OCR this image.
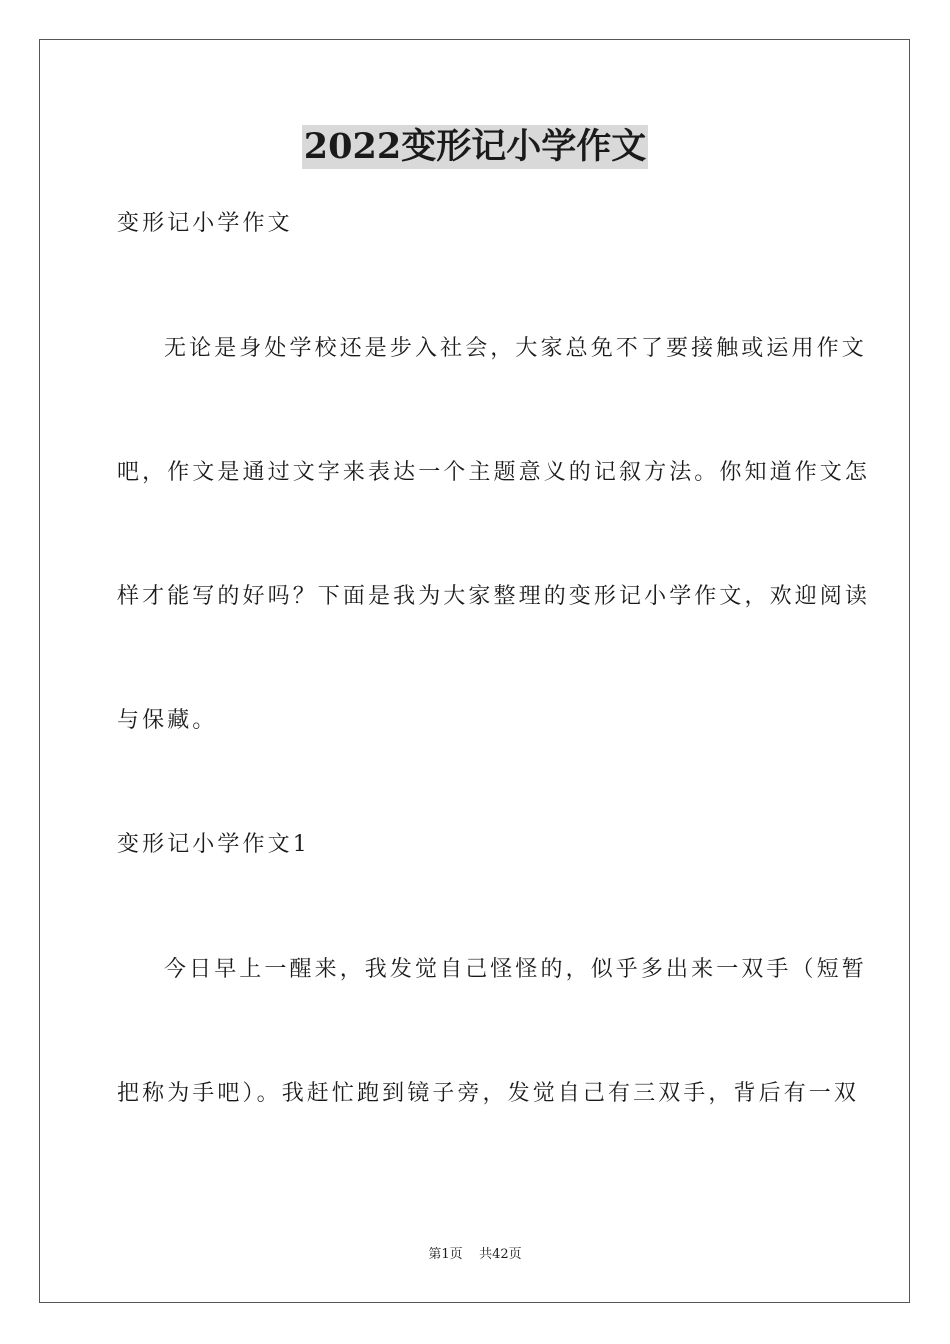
2022变形记小学作文
变形记小学作文
无论是身处学校还是步入社会，大家总免不了要接触或运用作文
吧，作文是通过文字来表达一个主题意义的记叙方法。你知道作文怎
样才能写的好吗？下面是我为大家整理的变形记小学作文，欢迎阅读
与保藏。
变形记小学作文1
今日早上一醒来，我发觉自己怪怪的，似乎多出来一双手（短暂
把称为手吧）。我赶忙跑到镜子旁，发觉自己有三双手，背后有一双
第1页 共42页
